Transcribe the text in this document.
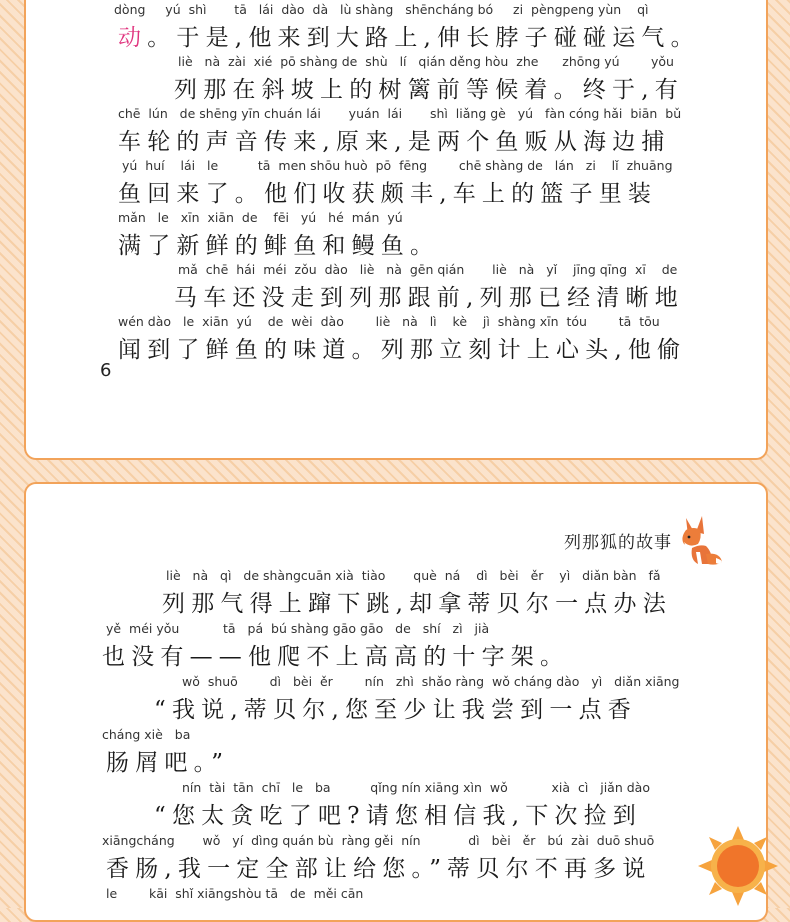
dòng     yú  shì       tā   lái  dào  dà   lù shàng   shēncháng bó     zi  pèngpeng yùn    qì
动。于是,他来到大路上,伸长脖子碰碰运气。
liè   nà  zài  xié  pō shàng de  shù   lí   qián děng hòu  zhe      zhōng yú	yǒu
列那在斜坡上的树篱前等候着。终于,有
chē  lún   de shēng yīn chuán lái       yuán  lái       shì  liǎng gè   yú   fàn cóng hǎi  biān  bǔ
车轮的声音传来,原来,是两个鱼贩从海边捕
yú  huí    lái   le          tā  men shōu huò  pō  fēng        chē shàng de   lán   zi    lǐ  zhuāng
鱼回来了。他们收获颇丰,车上的篮子里装
mǎn   le   xīn  xiān  de    fēi   yú   hé  mán  yú
满了新鲜的鲱鱼和鳗鱼。
mǎ  chē  hái  méi  zǒu  dào   liè   nà  gēn qián       liè   nà   yǐ    jīng qīng  xī    de
马车还没走到列那跟前,列那已经清晰地
wén dào   le  xiān  yú    de  wèi  dào        liè   nà   lì    kè    jì  shàng xīn  tóu        tā  tōu
闻到了鲜鱼的味道。列那立刻计上心头,他偷
6
列那狐的故事
liè   nà   qì   de shàngcuān xià  tiào       què  ná    dì   bèi   ěr    yì   diǎn bàn   fǎ
列那气得上蹿下跳,却拿蒂贝尔一点办法
yě  méi yǒu           tā   pá  bú shàng gāo gāo   de   shí   zì   jià
也没有——他爬不上高高的十字架。
wǒ  shuō        dì   bèi  ěr        nín   zhì  shǎo ràng  wǒ cháng dào   yì   diǎn xiāng
“我说,蒂贝尔,您至少让我尝到一点香
cháng xiè   ba
肠屑吧。”
nín  tài  tān  chī   le   ba          qǐng nín xiāng xìn  wǒ           xià  cì   jiǎn dào
“您太贪吃了吧?请您相信我,下次捡到
xiāngcháng       wǒ   yí  dìng quán bù  ràng gěi  nín            dì   bèi   ěr   bú  zài  duō shuō
香肠,我一定全部让给您。”蒂贝尔不再多说
le        kāi  shǐ xiāngshòu tā   de  měi cān
